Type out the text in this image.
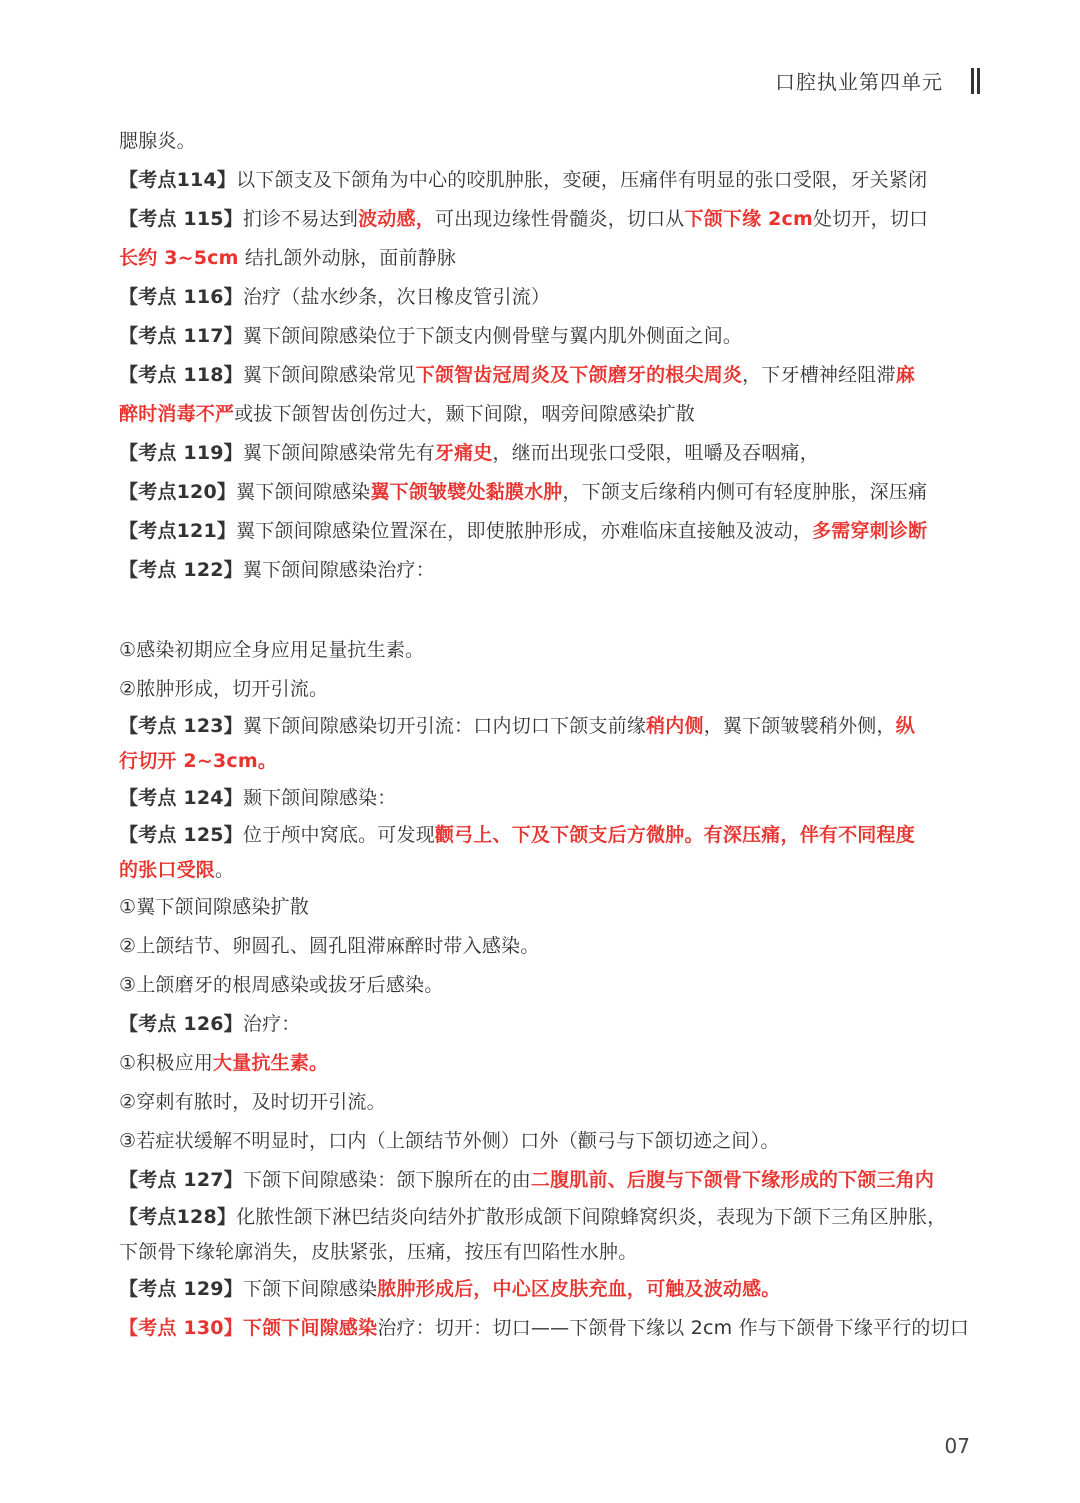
口腔执业第四单元
腮腺炎。
【考点114】以下颌支及下颌角为中心的咬肌肿胀，变硬，压痛伴有明显的张口受限，牙关紧闭
【考点 115】扪诊不易达到波动感，可出现边缘性骨髓炎，切口从下颌下缘 2cm处切开，切口
长约 3~5cm 结扎颌外动脉，面前静脉
【考点 116】治疗（盐水纱条，次日橡皮管引流）
【考点 117】翼下颌间隙感染位于下颌支内侧骨壁与翼内肌外侧面之间。
【考点 118】翼下颌间隙感染常见下颌智齿冠周炎及下颌磨牙的根尖周炎，下牙槽神经阻滞麻
醉时消毒不严或拔下颌智齿创伤过大，颞下间隙，咽旁间隙感染扩散
【考点 119】翼下颌间隙感染常先有牙痛史，继而出现张口受限，咀嚼及吞咽痛，
【考点120】翼下颌间隙感染翼下颌皱襞处黏膜水肿，下颌支后缘稍内侧可有轻度肿胀，深压痛
【考点121】翼下颌间隙感染位置深在，即使脓肿形成，亦难临床直接触及波动，多需穿刺诊断
【考点 122】翼下颌间隙感染治疗：
①感染初期应全身应用足量抗生素。
②脓肿形成，切开引流。
【考点 123】翼下颌间隙感染切开引流：口内切口下颌支前缘稍内侧，翼下颌皱襞稍外侧，纵
行切开 2~3cm。
【考点 124】颞下颌间隙感染：
【考点 125】位于颅中窝底。可发现颧弓上、下及下颌支后方微肿。有深压痛，伴有不同程度
的张口受限。
①翼下颌间隙感染扩散
②上颌结节、卵圆孔、圆孔阻滞麻醉时带入感染。
③上颌磨牙的根周感染或拔牙后感染。
【考点 126】治疗：
①积极应用大量抗生素。
②穿刺有脓时，及时切开引流。
③若症状缓解不明显时，口内（上颌结节外侧）口外（颧弓与下颌切迹之间）。
【考点 127】下颌下间隙感染：颌下腺所在的由二腹肌前、后腹与下颌骨下缘形成的下颌三角内
【考点128】化脓性颌下淋巴结炎向结外扩散形成颌下间隙蜂窝织炎，表现为下颌下三角区肿胀，
下颌骨下缘轮廓消失，皮肤紧张，压痛，按压有凹陷性水肿。
【考点 129】下颌下间隙感染脓肿形成后，中心区皮肤充血，可触及波动感。
【考点 130】下颌下间隙感染治疗：切开：切口——下颌骨下缘以 2cm 作与下颌骨下缘平行的切口
07
